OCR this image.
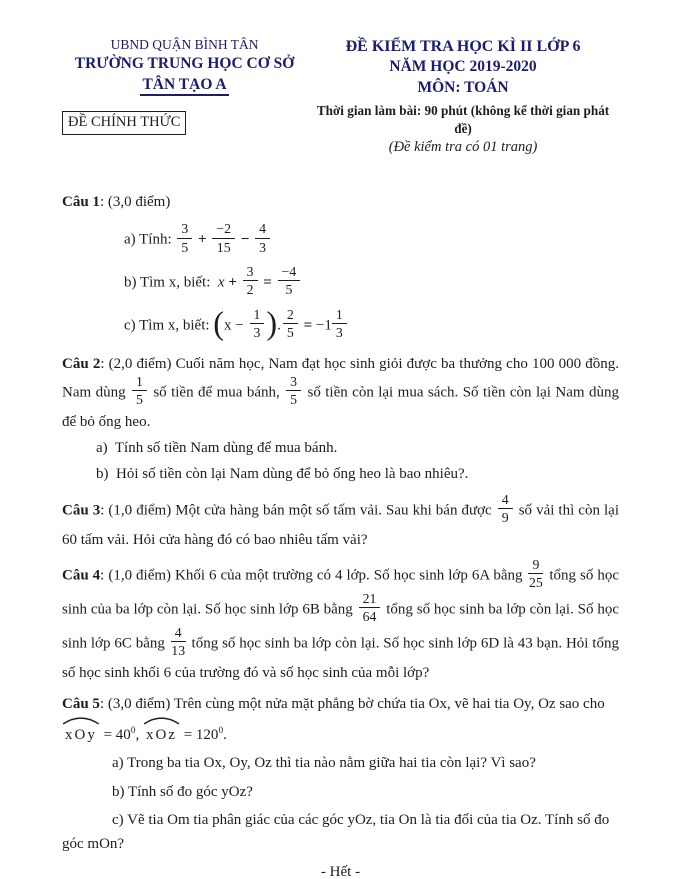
UBND QUẬN BÌNH TÂN
TRƯỜNG TRUNG HỌC CƠ SỞ
TÂN TẠO A
ĐỀ CHÍNH THỨC
ĐỀ KIỂM TRA HỌC KÌ II LỚP 6
NĂM HỌC 2019-2020
MÔN: TOÁN
Thời gian làm bài: 90 phút (không kể thời gian phát đề)
(Đề kiểm tra có 01 trang)

Câu 1: (3,0 điểm)

a) Tính: $\frac{3}{5} + \frac{-2}{15} - \frac{4}{3}$

b) Tìm x, biết:  $x + \frac{3}{2} = \frac{-4}{5}$

c) Tìm x, biết: ($x - \frac{1}{3}$ ). $\frac{2}{5} = -1 \frac{1}{3}$

Câu 2: (2,0 điểm) Cuối năm học, Nam đạt học sinh giỏi được ba thưởng cho 100 000 đồng. Nam dùng $\frac{1}{5}$ số tiền để mua bánh, $\frac{3}{5}$ số tiền còn lại mua sách. Số tiền còn lại Nam dùng để bỏ ống heo.

a)  Tính số tiền Nam dùng để mua bánh.

b)  Hỏi số tiền còn lại Nam dùng để bỏ ống heo là bao nhiêu?.

Câu 3: (1,0 điểm) Một cửa hàng bán một số tấm vải. Sau khi bán được $\frac{4}{9}$ số vải thì còn lại 60 tấm vải. Hỏi cửa hàng đó có bao nhiêu tấm vải?

Câu 4: (1,0 điểm) Khối 6 của một trường có 4 lớp. Số học sinh lớp 6A bằng $\frac{9}{25}$ tổng số học sinh của ba lớp còn lại. Số học sinh lớp 6B bằng $\frac{21}{64}$ tổng số học sinh ba lớp còn lại. Số học sinh lớp 6C bằng $\frac{4}{13}$ tổng số học sinh ba lớp còn lại. Số học sinh lớp 6D là 43 bạn. Hỏi tổng số học sinh khối 6 của trường đó và số học sinh của mỗi lớp?

Câu 5: (3,0 điểm) Trên cùng một nửa mặt phẳng bờ chứa tia Ox, vẽ hai tia Oy, Oz sao cho

xOy = $40^0$,
xOz = $120^0$.

a) Trong ba tia Ox, Oy, Oz thì tia nào nằm giữa hai tia còn lại? Vì sao?

b) Tính số đo góc yOz?

c) Vẽ tia Om tia phân giác của các góc yOz, tia On là tia đối của tia Oz. Tính số đo góc mOn?

- Hết -
